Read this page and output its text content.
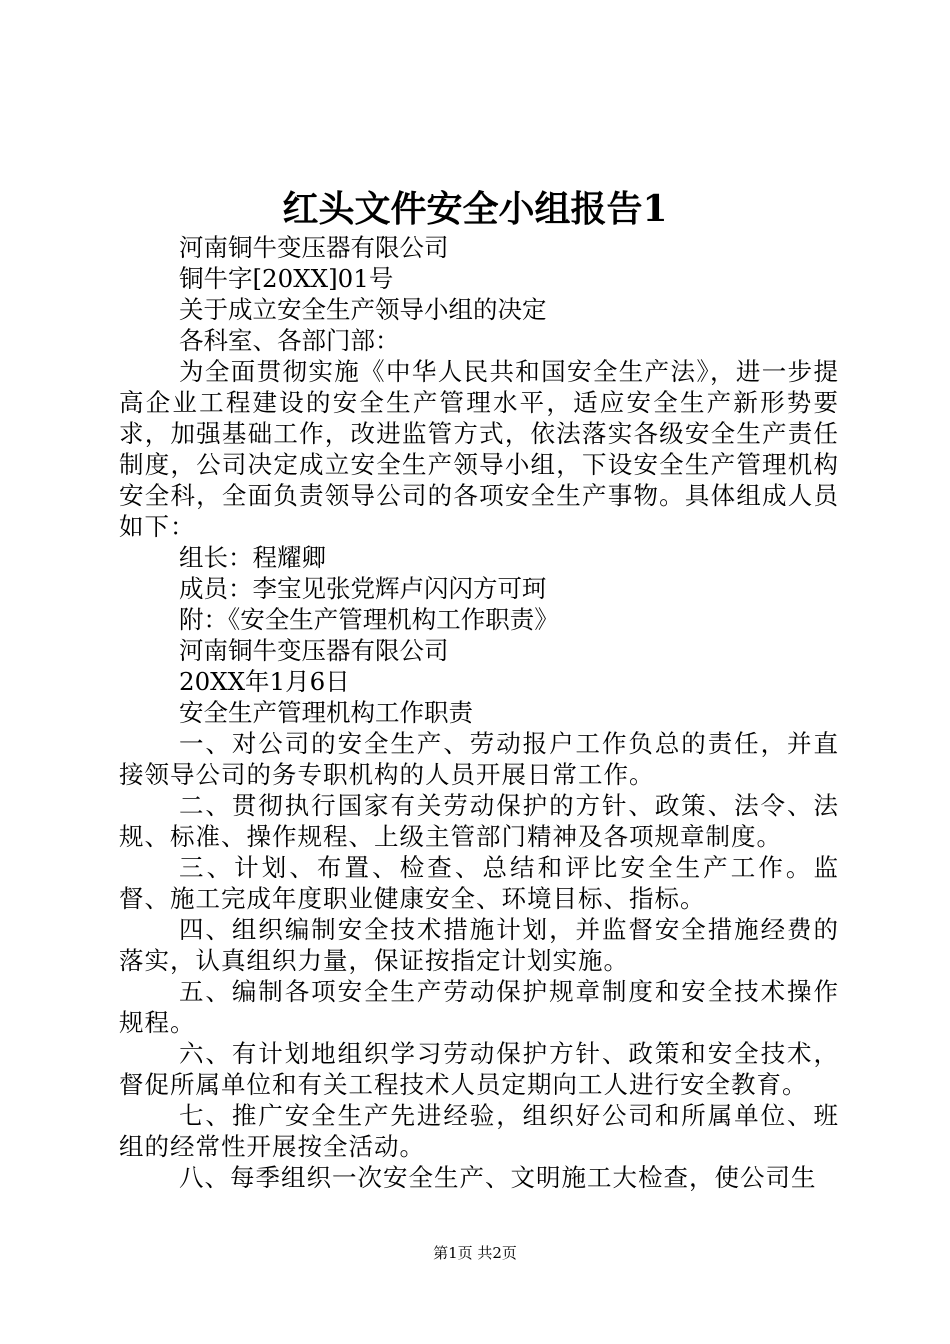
红头文件安全小组报告1
河南铜牛变压器有限公司
铜牛字[20XX]01号
关于成立安全生产领导小组的决定
各科室、各部门部：
为全面贯彻实施《中华人民共和国安全生产法》，进一步提高企业工程建设的安全生产管理水平，适应安全生产新形势要求，加强基础工作，改进监管方式，依法落实各级安全生产责任制度，公司决定成立安全生产领导小组，下设安全生产管理机构安全科，全面负责领导公司的各项安全生产事物。具体组成人员如下：
组长：程耀卿
成员：李宝见张党辉卢闪闪方可珂
附：《安全生产管理机构工作职责》
河南铜牛变压器有限公司
20XX年1月6日
安全生产管理机构工作职责
一、对公司的安全生产、劳动报户工作负总的责任，并直接领导公司的务专职机构的人员开展日常工作。
二、贯彻执行国家有关劳动保护的方针、政策、法令、法规、标准、操作规程、上级主管部门精神及各项规章制度。
三、计划、布置、检查、总结和评比安全生产工作。监督、施工完成年度职业健康安全、环境目标、指标。
四、组织编制安全技术措施计划，并监督安全措施经费的落实，认真组织力量，保证按指定计划实施。
五、编制各项安全生产劳动保护规章制度和安全技术操作规程。
六、有计划地组织学习劳动保护方针、政策和安全技术，督促所属单位和有关工程技术人员定期向工人进行安全教育。
七、推广安全生产先进经验，组织好公司和所属单位、班组的经常性开展按全活动。
八、每季组织一次安全生产、文明施工大检查，使公司生
第1页 共2页
